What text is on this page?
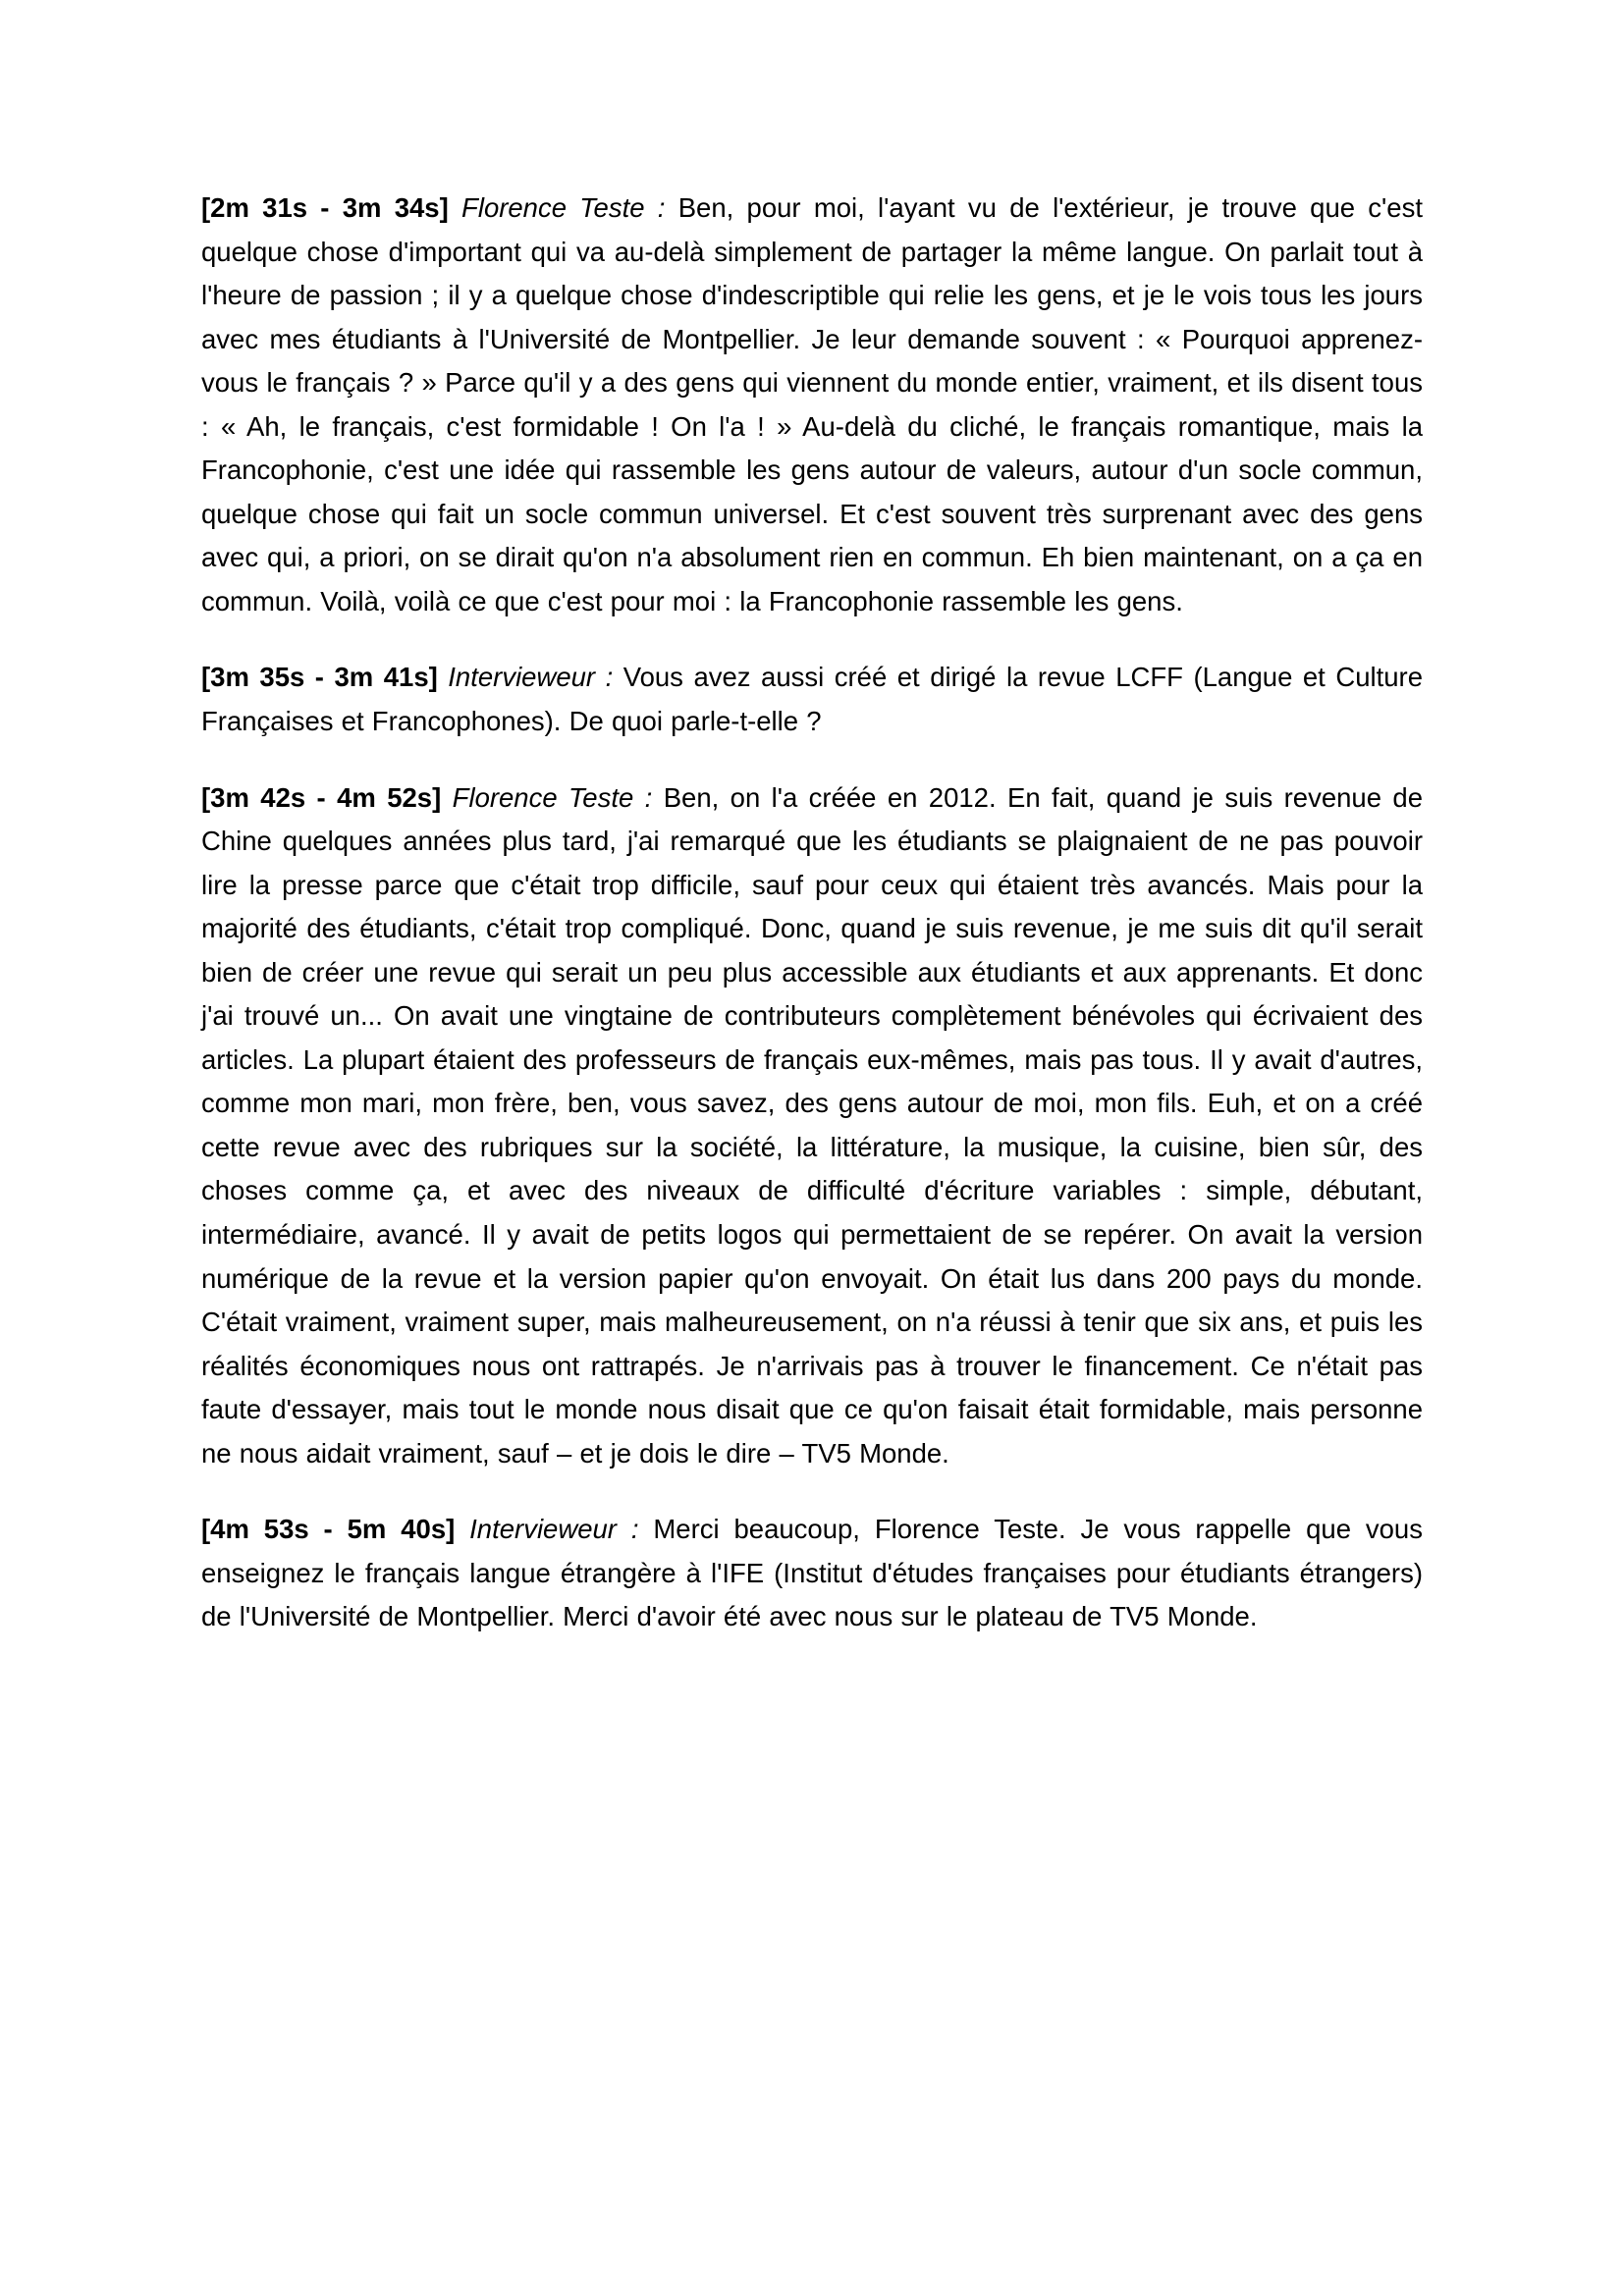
[2m 31s - 3m 34s] Florence Teste : Ben, pour moi, l'ayant vu de l'extérieur, je trouve que c'est quelque chose d'important qui va au-delà simplement de partager la même langue. On parlait tout à l'heure de passion ; il y a quelque chose d'indescriptible qui relie les gens, et je le vois tous les jours avec mes étudiants à l'Université de Montpellier. Je leur demande souvent : « Pourquoi apprenez-vous le français ? » Parce qu'il y a des gens qui viennent du monde entier, vraiment, et ils disent tous : « Ah, le français, c'est formidable ! On l'a ! » Au-delà du cliché, le français romantique, mais la Francophonie, c'est une idée qui rassemble les gens autour de valeurs, autour d'un socle commun, quelque chose qui fait un socle commun universel. Et c'est souvent très surprenant avec des gens avec qui, a priori, on se dirait qu'on n'a absolument rien en commun. Eh bien maintenant, on a ça en commun. Voilà, voilà ce que c'est pour moi : la Francophonie rassemble les gens.

[3m 35s - 3m 41s] Intervieweur : Vous avez aussi créé et dirigé la revue LCFF (Langue et Culture Françaises et Francophones). De quoi parle-t-elle ?

[3m 42s - 4m 52s] Florence Teste : Ben, on l'a créée en 2012. En fait, quand je suis revenue de Chine quelques années plus tard, j'ai remarqué que les étudiants se plaignaient de ne pas pouvoir lire la presse parce que c'était trop difficile, sauf pour ceux qui étaient très avancés. Mais pour la majorité des étudiants, c'était trop compliqué. Donc, quand je suis revenue, je me suis dit qu'il serait bien de créer une revue qui serait un peu plus accessible aux étudiants et aux apprenants. Et donc j'ai trouvé un... On avait une vingtaine de contributeurs complètement bénévoles qui écrivaient des articles. La plupart étaient des professeurs de français eux-mêmes, mais pas tous. Il y avait d'autres, comme mon mari, mon frère, ben, vous savez, des gens autour de moi, mon fils. Euh, et on a créé cette revue avec des rubriques sur la société, la littérature, la musique, la cuisine, bien sûr, des choses comme ça, et avec des niveaux de difficulté d'écriture variables : simple, débutant, intermédiaire, avancé. Il y avait de petits logos qui permettaient de se repérer. On avait la version numérique de la revue et la version papier qu'on envoyait. On était lus dans 200 pays du monde. C'était vraiment, vraiment super, mais malheureusement, on n'a réussi à tenir que six ans, et puis les réalités économiques nous ont rattrapés. Je n'arrivais pas à trouver le financement. Ce n'était pas faute d'essayer, mais tout le monde nous disait que ce qu'on faisait était formidable, mais personne ne nous aidait vraiment, sauf – et je dois le dire – TV5 Monde.

[4m 53s - 5m 40s] Intervieweur : Merci beaucoup, Florence Teste. Je vous rappelle que vous enseignez le français langue étrangère à l'IFE (Institut d'études françaises pour étudiants étrangers) de l'Université de Montpellier. Merci d'avoir été avec nous sur le plateau de TV5 Monde.
